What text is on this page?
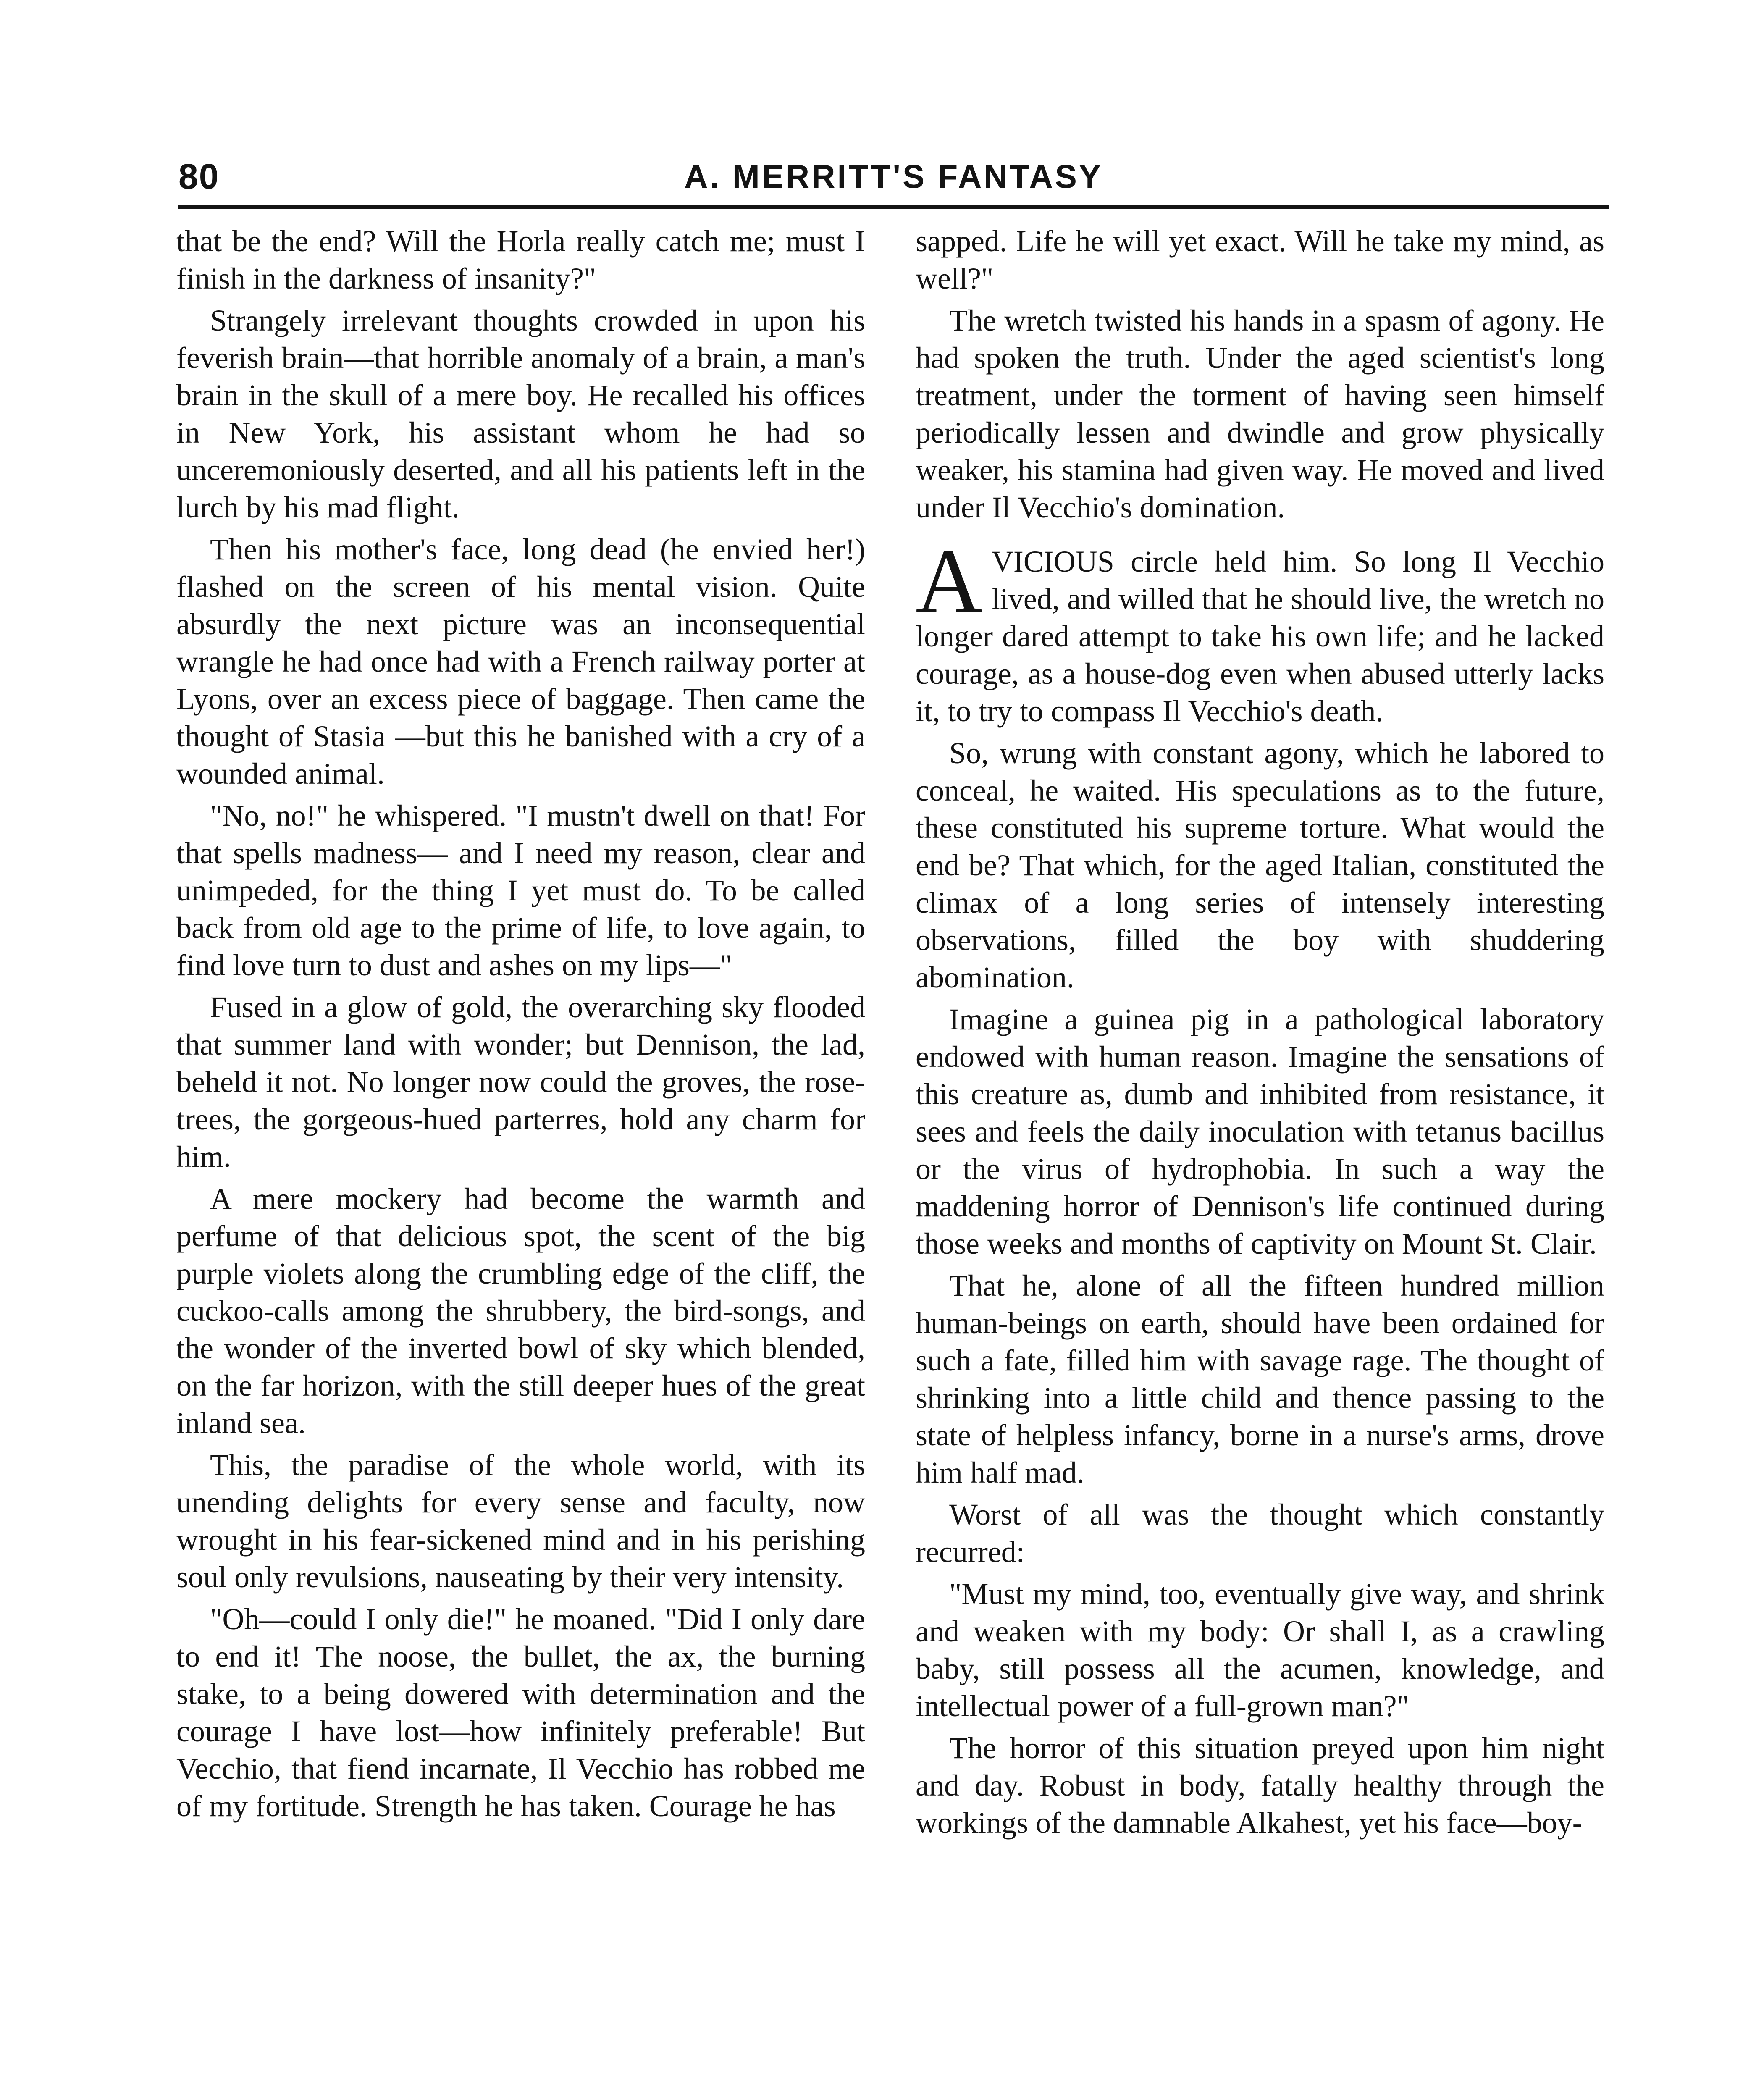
80	A. MERRITT'S FANTASY

that be the end? Will the Horla really catch me; must I finish in the darkness of insanity?"

Strangely irrelevant thoughts crowded in upon his feverish brain—that horrible anomaly of a brain, a man's brain in the skull of a mere boy. He recalled his offices in New York, his assistant whom he had so unceremoniously deserted, and all his patients left in the lurch by his mad flight.

Then his mother's face, long dead (he envied her!) flashed on the screen of his mental vision. Quite absurdly the next picture was an inconsequential wrangle he had once had with a French railway porter at Lyons, over an excess piece of baggage. Then came the thought of Stasia —but this he banished with a cry of a wounded animal.

"No, no!" he whispered. "I mustn't dwell on that! For that spells madness— and I need my reason, clear and unimpeded, for the thing I yet must do. To be called back from old age to the prime of life, to love again, to find love turn to dust and ashes on my lips—"

Fused in a glow of gold, the overarching sky flooded that summer land with wonder; but Dennison, the lad, beheld it not. No longer now could the groves, the rose-trees, the gorgeous-hued parterres, hold any charm for him.

A mere mockery had become the warmth and perfume of that delicious spot, the scent of the big purple violets along the crumbling edge of the cliff, the cuckoo-calls among the shrubbery, the bird-songs, and the wonder of the inverted bowl of sky which blended, on the far horizon, with the still deeper hues of the great inland sea.

This, the paradise of the whole world, with its unending delights for every sense and faculty, now wrought in his fear-sickened mind and in his perishing soul only revulsions, nauseating by their very intensity.

"Oh—could I only die!" he moaned. "Did I only dare to end it! The noose, the bullet, the ax, the burning stake, to a being dowered with determination and the courage I have lost—how infinitely preferable! But Vecchio, that fiend incarnate, Il Vecchio has robbed me of my fortitude. Strength he has taken. Courage he has

sapped. Life he will yet exact. Will he take my mind, as well?"

The wretch twisted his hands in a spasm of agony. He had spoken the truth. Under the aged scientist's long treatment, under the torment of having seen himself periodically lessen and dwindle and grow physically weaker, his stamina had given way. He moved and lived under Il Vecchio's domination.

AVICIOUS circle held him. So long Il Vecchio lived, and willed that he should live, the wretch no longer dared attempt to take his own life; and he lacked courage, as a house-dog even when abused utterly lacks it, to try to compass Il Vecchio's death.

So, wrung with constant agony, which he labored to conceal, he waited. His speculations as to the future, these constituted his supreme torture. What would the end be? That which, for the aged Italian, constituted the climax of a long series of intensely interesting observations, filled the boy with shuddering abomination.

Imagine a guinea pig in a pathological laboratory endowed with human reason. Imagine the sensations of this creature as, dumb and inhibited from resistance, it sees and feels the daily inoculation with tetanus bacillus or the virus of hydrophobia. In such a way the maddening horror of Dennison's life continued during those weeks and months of captivity on Mount St. Clair.

That he, alone of all the fifteen hundred million human-beings on earth, should have been ordained for such a fate, filled him with savage rage. The thought of shrinking into a little child and thence passing to the state of helpless infancy, borne in a nurse's arms, drove him half mad.

Worst of all was the thought which constantly recurred:

"Must my mind, too, eventually give way, and shrink and weaken with my body: Or shall I, as a crawling baby, still possess all the acumen, knowledge, and intellectual power of a full-grown man?"

The horror of this situation preyed upon him night and day. Robust in body, fatally healthy through the workings of the damnable Alkahest, yet his face—boy-
